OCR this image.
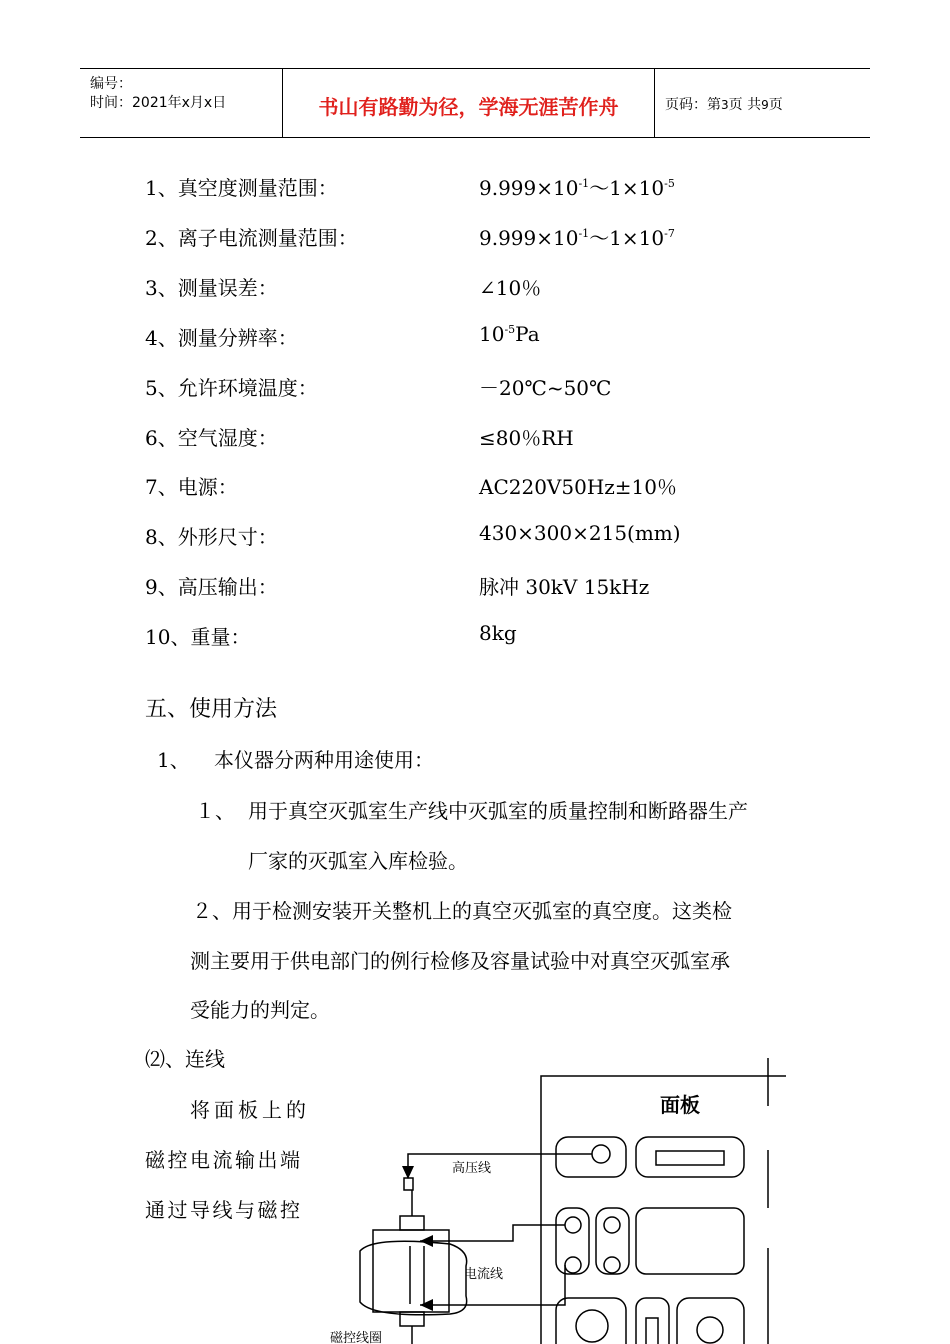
编号：
时间：2021年x月x日	书山有路勤为径，学海无涯苦作舟	页码：第3页 共9页
1、真空度测量范围：	$9.999\times 10^{-1}\sim 1\times 10^{-5}$
2、离子电流测量范围：	$9.999\times 10^{-1}\sim 1\times 10^{-7}$
3、测量误差：	∠10％
4、测量分辨率：	$10^{-5}Pa$
5、允许环境温度：	－20℃~50℃
6、空气湿度：	≤80％RH
7、电源：	AC220V50Hz±10％
8、外形尺寸：	430×300×215(mm)
9、高压输出：	脉冲 30kV 15kHz
10、重量：	8kg
五、使用方法
1、 本仪器分两种用途使用：
１、 用于真空灭弧室生产线中灭弧室的质量控制和断路器生产
厂家的灭弧室入库检验。
２、用于检测安装开关整机上的真空灭弧室的真空度。这类检
测主要用于供电部门的例行检修及容量试验中对真空灭弧室承
受能力的判定。
⑵、连线
将面板上的
磁控电流输出端
通过导线与磁控
面板
高压线
电流线
磁控线圈
